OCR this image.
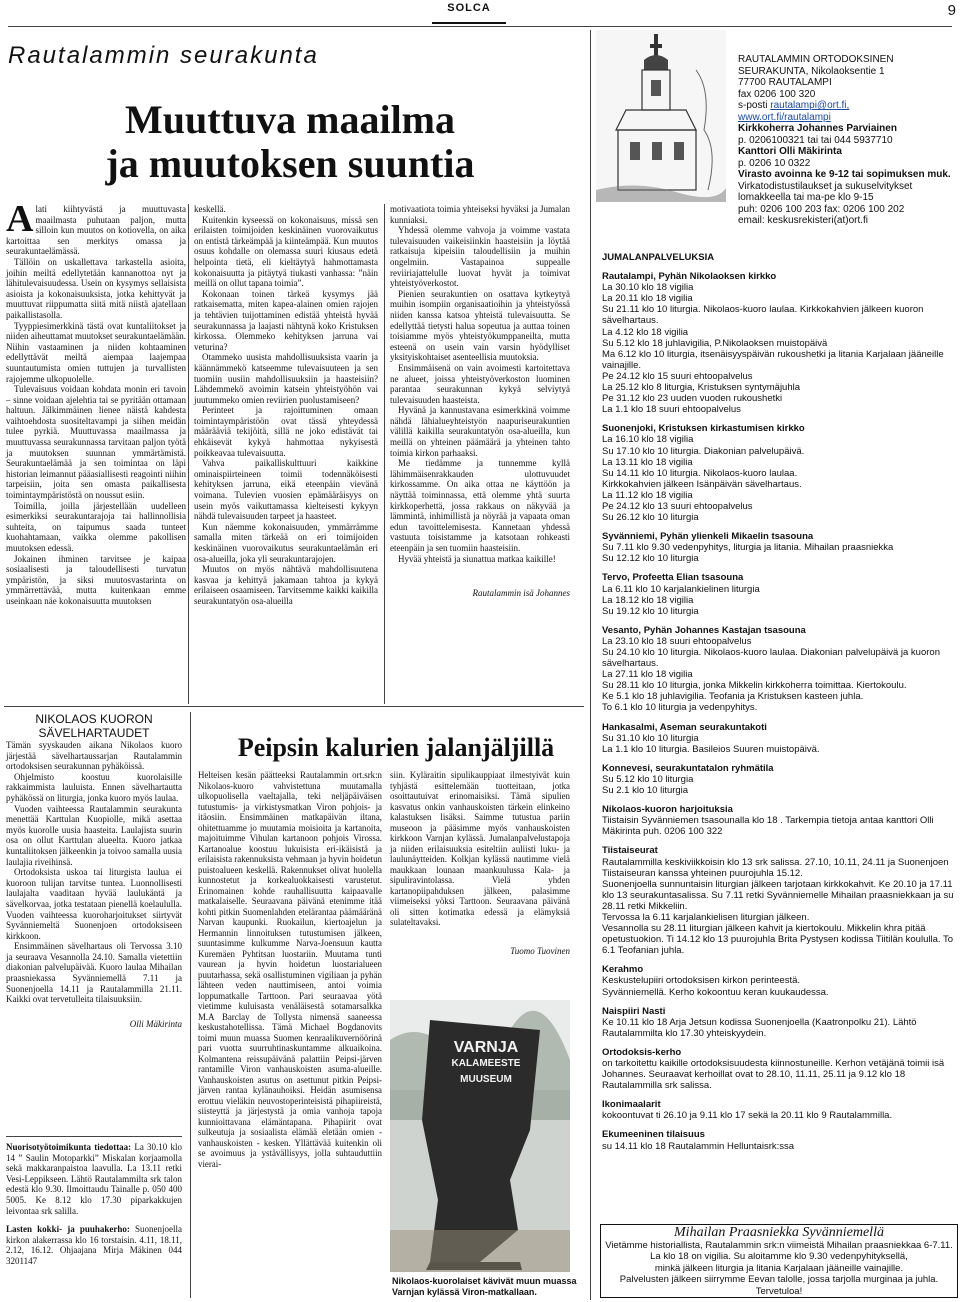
9
SOLCA
Rautalammin seurakunta
Muuttuva maailma
ja muutoksen suuntia

Alati kiihtyvästä ja muuttuvasta maailmasta puhutaan paljon, mutta silloin kun muutos on kotiovella, on aika kartoittaa sen merkitys omassa ja seurakuntaelämässä.

Tällöin on uskallettava tarkastella asioita, joihin meiltä edellytetään kannanottoa nyt ja lähitulevaisuudessa. Usein on kysymys sellaisista asioista ja kokonaisuuksista, jotka kehittyvät ja muuttuvat riippumatta siitä mitä niistä ajatellaan paikallistasolla.

Tyyppiesimerkkinä tästä ovat kuntaliitokset ja niiden aiheuttamat muutokset seurakuntaelämään. Niihin vastaaminen ja niiden kohtaaminen edellyttävät meiltä aiempaa laajempaa suuntautumista omien tuttujen ja turvallisten rajojemme ulkopuolelle.

Tulevaisuus voidaan kohdata monin eri tavoin – sinne voidaan ajelehtia tai se pyritään ottamaan haltuun. Jälkimmäinen lienee näistä kahdesta vaihtoehdosta suositeltavampi ja siihen meidän tulee pyrkiä. Muuttuvassa maailmassa ja muuttuvassa seurakunnassa tarvitaan paljon työtä ja muutoksen suunnan ymmärtämistä. Seurakuntaelämää ja sen toimintaa on läpi historian leimannut pääasiallisesti reagointi niihin tarpeisiin, joita sen omasta paikallisesta toimintaympäristöstä on noussut esiin.

Toimilla, joilla järjestellään uudelleen esimerkiksi seurakuntarajoja tai hallinnollisia suhteita, on taipumus saada tunteet kuohahtamaan, vaikka olemme pakollisen muutoksen edessä.

Jokainen ihminen tarvitsee je kaipaa sosiaalisesti ja taloudellisesti turvatun ympäristön, ja siksi muutosvastarinta on ymmärrettävää, mutta kuitenkaan emme useinkaan näe kokonaisuutta muutoksen

keskellä.

Kuitenkin kyseessä on kokonaisuus, missä sen erilaisten toimijoiden keskinäinen vuorovaikutus on entistä tärkeämpää ja kiinteämpää. Kun muutos osuus kohdalle on olemassa suuri kiusaus edetä helpointa tietä, eli kieltäytyä hahmottamasta kokonaisuutta ja pitäytyä tiukasti vanhassa: ”näin meillä on ollut tapana toimia”.

Kokonaan toinen tärkeä kysymys jää ratkaisematta, miten kapea-alainen omien rajojen ja tehtävien tuijottaminen edistää yhteistä hyvää seurakunnassa ja laajasti nähtynä koko Kristuksen kirkossa. Olemmeko kehityksen jarruna vai veturina?

Otammeko uusista mahdollisuuksista vaarin ja käännämmekö katseemme tulevaisuuteen ja sen tuomiin uusiin mahdollisuuksiin ja haasteisiin? Lähdemmekö avoimin katsein yhteistyöhön vai juutummeko omien reviirien puolustamiseen?

Perinteet ja rajoittuminen omaan toimintaympäristöön ovat tässä yhteydessä määrääviä tekijöitä, sillä ne joko edistävät tai ehkäisevät kykyä hahmottaa nykyisestä poikkeavaa tulevaisuutta.

Vahva paikalliskulttuuri kaikkine ominaispiirteineen toimii todennäköisesti kehityksen jarruna, eikä eteenpäin vievänä voimana. Tulevien vuosien epämääräisyys on usein myös vaikuttamassa kielteisesti kykyyn nähdä tulevaisuuden tarpeet ja haasteet.

Kun näemme kokonaisuuden, ymmärrämme samalla miten tärkeää on eri toimijoiden keskinäinen vuorovaikutus seurakuntaelämän eri osa-alueilla, joka yli seurakuntarajojen.

Muutos on myös nähtävä mahdollisuutena kasvaa ja kehittyä jakamaan tahtoa ja kykyä erilaiseen osaamiseen. Tarvitsemme kaikki kaikilla seurakuntatyön osa-alueilla

motivaatiota toimia yhteiseksi hyväksi ja Jumalan kunniaksi.

Yhdessä olemme vahvoja ja voimme vastata tulevaisuuden vaikeisiinkin haasteisiin ja löytää ratkaisuja kipeisiin taloudellisiin ja muihin ongelmiin. Vastapainoa suppealle reviiriajattelulle luovat hyvät ja toimivat yhteistyöverkostot.

Pienien seurakuntien on osattava kytkeytyä muihin isompiin organisaatioihin ja yhteistyössä niiden kanssa katsoa yhteistä tulevaisuutta. Se edellyttää tietysti halua sopeutua ja auttaa toinen toisiamme myös yhteistyökumppaneilta, mutta esteenä on usein vain varsin hyödylliset yksityiskohtaiset asenteellisia muutoksia.

Ensimmäisenä on vain avoimesti kartoitettava ne alueet, joissa yhteistyöverkoston luominen parantaa seurakunnan kykyä selviytyä tulevaisuuden haasteista.

Hyvänä ja kannustavana esimerkkinä voimme nähdä lähialueyhteistyön naapuriseurakuntien välillä kaikilla seurakuntatyön osa-alueilla, kun meillä on yhteinen päämäärä ja yhteinen tahto toimia kirkon parhaaksi.

Me tiedämme ja tunnemme kyllä lähimmäisenrakkauden ulottuvuudet kirkossamme. On aika ottaa ne käyttöön ja näyttää toiminnassa, että olemme yhtä suurta kirkkoperhettä, jossa rakkaus on näkyvää ja lämmintä, inhimillistä ja nöyrää ja vapaata oman edun tavoittelemisesta. Kannetaan yhdessä vastuuta toisistamme ja katsotaan rohkeasti eteenpäin ja sen tuomiin haasteisiin.

Hyvää yhteistä ja siunattua matkaa kaikille!

Rautalammin isä Johannes
NIKOLAOS KUORON
SÄVELHARTAUDET

Tämän syyskauden aikana Nikolaos kuoro järjestää sävelhartaussarjan Rautalammin ortodoksisen seurakunnan pyhäköissä.

Ohjelmisto koostuu kuorolaisille rakkaimmista lauluista. Ennen sävelhartautta pyhäkössä on liturgia, jonka kuoro myös laulaa.

Vuoden vaihteessa Rautalammin seurakunta menettää Karttulan Kuopiolle, mikä asettaa myös kuorolle uusia haasteita. Laulajista suurin osa on ollut Karttulan alueelta. Kuoro jatkaa kuntaliitoksen jälkeenkin ja toivoo samalla uusia laulajia riveihinsä.

Ortodoksista uskoa tai liturgista laulua ei kuoroon tulijan tarvitse tuntea. Luonnollisesti laulajalta vaaditaan hyvää laulukäntä ja sävelkorvaa, jotka testataan pienellä koelaululla. Vuoden vaihteessa kuoroharjoitukset siirtyvät Syvänniemeltä Suonenjoen ortodoksiseen kirkkoon.

Ensimmäinen sävelhartaus oli Tervossa 3.10 ja seuraava Vesannolla 24.10. Samalla vietettiin diakonian palvelupäivää. Kuoro laulaa Mihailan praasniekassa Syvänniemellä 7.11 ja Suonenjoella 14.11 ja Rautalammilla 21.11. Kaikki ovat tervetulleita tilaisuuksiin.

Olli Mäkirinta

Nuorisotyötoimikunta tiedottaa: La 30.10 klo 14 ” Saulin Motoparkki” Miskalan korjaamolla sekä makkaranpaistoa laavulla. La 13.11 retki Vesi-Leppikseen. Lähtö Rautalammilta srk talon edestä klo 9.30. Ilmoittaudu Tainalle p. 050 400 5005. Ke 8.12 klo 17.30 piparkakkujen leivontaa srk salilla.

Lasten kokki- ja puuhakerho: Suonenjoella kirkon alakerrassa klo 16 torstaisin. 4.11, 18.11, 2.12, 16.12. Ohjaajana Mirja Mäkinen 044 3201147

Peipsin kalurien jalanjäljillä

Helteisen kesän päätteeksi Rautalammin ort.srk:n Nikolaos-kuoro vahvistettuna muutamalla ulkopuolisella vaeltajalla, teki neljäpäiväisen tutustumis- ja virkistysmatkan Viron pohjois- ja itäosiin. Ensimmäinen matkapäivän iltana, ohitettuamme jo muutamia moisioita ja kartanoita, majoituimme Vihulan kartanoon pohjois Virossa. Kartanoalue koostuu lukuisista eri-ikäisistä ja erilaisista rakennuksista vehmaan ja hyvin hoidetun puistoalueen keskellä. Rakennukset olivat huolella kunnostetut ja korkealuokkaisesti varustetut. Erinomainen kohde rauhallisuutta kaipaavalle matkalaiselle. Seuraavana päivänä etenimme itää kohti pitkin Suomenlahden etelärantaa päämääränä Narvan kaupunki. Ruokailun, kiertoajelun ja Hermannin linnoituksen tutustumisen jälkeen, suuntasimme kulkumme Narva-Joensuun kautta Kuremäen Pyhtitsan luostariin. Muutama tunti vaurean ja hyvin hoidetun luostarialueen puutarhassa, sekä osallistuminen vigiliaan ja pyhän lähteen veden nauttimiseen, antoi voimia loppumatkalle Tarttoon. Pari seuraavaa yötä vietimme kuluisasta venäläisestä sotamarsalkka M.A Barclay de Tollysta nimensä saaneessa keskustahotellissa. Tämä Michael Bogdanovits toimi muun muassa Suomen kenraalikuvernöörinä pari vuotta suurruhtinaskuntamme alkuaikoina. Kolmantena reissupäivänä palattiin Peipsi-järven rantamille Viron vanhauskoisten asuma-alueille. Vanhauskoisten asutus on asettunut pitkin Peipsi-järven rantaa kylänauhoiksi. Heidän asumisensa erottuu vieläkin neuvostoperinteisistä pihapiireistä, siisteyttä ja järjestystä ja omia vanhoja tapoja kunnioittavana elämäntapana. Pihapiirit ovat sulkeutuja ja sosiaalista elämää eletään omien - vanhauskoisten - kesken. Yllättävää kuitenkin oli se avoimuus ja ystävällisyys, jolla suhtauduttiin vierai-

siin. Kyläraitin sipulikauppiaat ilmestyivät kuin tyhjästä esittelemään tuotteitaan, jotka osoittautuivat erinomaisiksi. Tämä sipulien kasvatus onkin vanhauskoisten tärkein elinkeino kalastuksen lisäksi. Saimme tutustua pariin museoon ja pääsimme myös vanhauskoisten kirkkoon Varnjan kylässä. Jumalanpalvelustapoja ja niiden erilaisuuksia esiteltiin auliisti luku- ja laulunäytteiden. Kolkjan kylässä nautimme vielä maukkaan lounaan maankuulussa Kala- ja sipuliravintolassa. Vielä yhden kartanopiipahduksen jälkeen, palasimme viimeiseksi yöksi Tarttoon. Seuraavana päivänä oli sitten kotimatka edessä ja elämyksiä sulateltavaksi.

Tuomo Tuovinen
VARNJA
KALAMEESTE
MUUSEUM
Nikolaos-kuorolaiset kävivät muun muassa Varnjan kylässä Viron-matkallaan.
RAUTALAMMIN ORTODOKSINEN
SEURAKUNTA, Nikolaoksentie 1
77700 RAUTALAMPI
fax 0206 100 320
s-posti rautalampi@ort.fi,
www.ort.fi/rautalampi
Kirkkoherra Johannes Parviainen
p. 0206100321 tai tai 044 5937710
Kanttori Olli Mäkirinta
p. 0206 10 0322
Virasto avoinna ke 9-12 tai sopimuksen muk.
Virkatodistustilaukset ja sukuselvitykset lomakkeella tai ma-pe klo 9-15
puh: 0206 100 203 fax: 0206 100 202
email: keskusrekisteri(at)ort.fi
JUMALANPALVELUKSIA
Rautalampi, Pyhän Nikolaoksen kirkko
La 30.10 klo 18 vigilia
La 20.11 klo 18 vigilia
Su 21.11 klo 10 liturgia. Nikolaos-kuoro laulaa. Kirkkokahvien jälkeen kuoron sävelhartaus.
La 4.12 klo 18 vigilia
Su 5.12 klo 18 juhlavigilia, P.Nikolaoksen muistopäivä
Ma 6.12 klo 10 liturgia, itsenäisyyspäivän rukoushetki ja litania Karjalaan jääneille vainajille.
Pe 24.12 klo 15 suuri ehtoopalvelus
La 25.12 klo 8 liturgia, Kristuksen syntymäjuhla
Pe 31.12 klo 23 uuden vuoden rukoushetki
La 1.1 klo 18 suuri ehtoopalvelus
Suonenjoki, Kristuksen kirkastumisen kirkko
La 16.10 klo 18 vigilia
Su 17.10 klo 10 liturgia. Diakonian palvelupäivä.
La 13.11 klo 18 vigilia
Su 14.11 klo 10 liturgia. Nikolaos-kuoro laulaa.
Kirkkokahvien jälkeen Isänpäivän sävelhartaus.
La 11.12 klo 18 vigilia
Pe 24.12 klo 13 suuri ehtoopalvelus
Su 26.12 klo 10 liturgia
Syvänniemi, Pyhän ylienkeli Mikaelin tsasouna
Su 7.11 klo 9.30 vedenpyhitys, liturgia ja litania. Mihailan praasniekka
Su 12.12 klo 10 liturgia
Tervo, Profeetta Elian tsasouna
La 6.11 klo 10 karjalankielinen liturgia
La 18.12 klo 18 vigilia
Su 19.12 klo 10 liturgia
Vesanto, Pyhän Johannes Kastajan tsasouna
La 23.10 klo 18 suuri ehtoopalvelus
Su 24.10 klo 10 liturgia. Nikolaos-kuoro laulaa. Diakonian palvelupäivä ja kuoron sävelhartaus.
La 27.11 klo 18 vigilia
Su 28.11 klo 10 liturgia, jonka Mikkelin kirkkoherra toimittaa. Kiertokoulu.
Ke 5.1 klo 18 juhlavigilia. Teofania ja Kristuksen kasteen juhla.
To 6.1 klo 10 liturgia ja vedenpyhitys.
Hankasalmi, Aseman seurakuntakoti
Su 31.10 klo 10 liturgia
La 1.1 klo 10 liturgia. Basileios Suuren muistopäivä.
Konnevesi, seurakuntatalon ryhmätila
Su 5.12 klo 10 liturgia
Su 2.1 klo 10 liturgia
Nikolaos-kuoron harjoituksia
Tiistaisin Syvänniemen tsasounalla klo 18 . Tarkempia tietoja antaa kanttori Olli Mäkirinta puh. 0206 100 322
Tiistaiseurat
Rautalammilla keskiviikkoisin klo 13 srk salissa. 27.10, 10.11, 24.11 ja Suonenjoen Tiistaiseuran kanssa yhteinen puurojuhla 15.12.
Suonenjoella sunnuntaisin liturgian jälkeen tarjotaan kirkkokahvit. Ke 20.10 ja 17.11 klo 13 seurakuntasalissa. Su 7.11 retki Syvänniemelle Mihailan praasniekkaan ja su 28.11 retki Mikkeliin.
Tervossa la 6.11 karjalankielisen liturgian jälkeen.
Vesannolla su 28.11 liturgian jälkeen kahvit ja kiertokoulu. Mikkelin khra pitää opetustuokion. Ti 14.12 klo 13 puurojuhla Brita Pystysen kodissa Tiitilän koululla. To 6.1 Teofanian juhla.
Kerahmo
Keskustelupiiri ortodoksisen kirkon perinteestä.
Syvänniemellä. Kerho kokoontuu keran kuukaudessa.
Naispiiri Nasti
Ke 10.11 klo 18 Arja Jetsun kodissa Suonenjoella (Kaatronpolku 21). Lähtö Rautalammilta klo 17.30 yhteiskyydein.
Ortodoksis-kerho
on tarkoitettu kaikille ortodoksisuudesta kiinnostuneille. Kerhon vetäjänä toimii isä Johannes. Seuraavat kerhoillat ovat to 28.10, 11.11, 25.11 ja 9.12 klo 18 Rautalammilla srk salissa.
Ikonimaalarit
kokoontuvat ti 26.10 ja 9.11 klo 17 sekä la 20.11 klo 9 Rautalammilla.
Ekumeeninen tilaisuus
su 14.11 klo 18 Rautalammin Helluntaisrk:ssa
Mihailan Praasniekka Syvänniemellä
Vietämme historiallista, Rautalammin srk:n viimeistä Mihailan praasniekkaa 6-7.11. La klo 18 on vigilia. Su aloitamme klo 9.30 vedenpyhityksellä,
minkä jälkeen liturgia ja litania Karjalaan jääneille vainajille.
Palvelusten jälkeen siirrymme Eevan talolle, jossa tarjolla murginaa ja juhla.
Tervetuloa!
